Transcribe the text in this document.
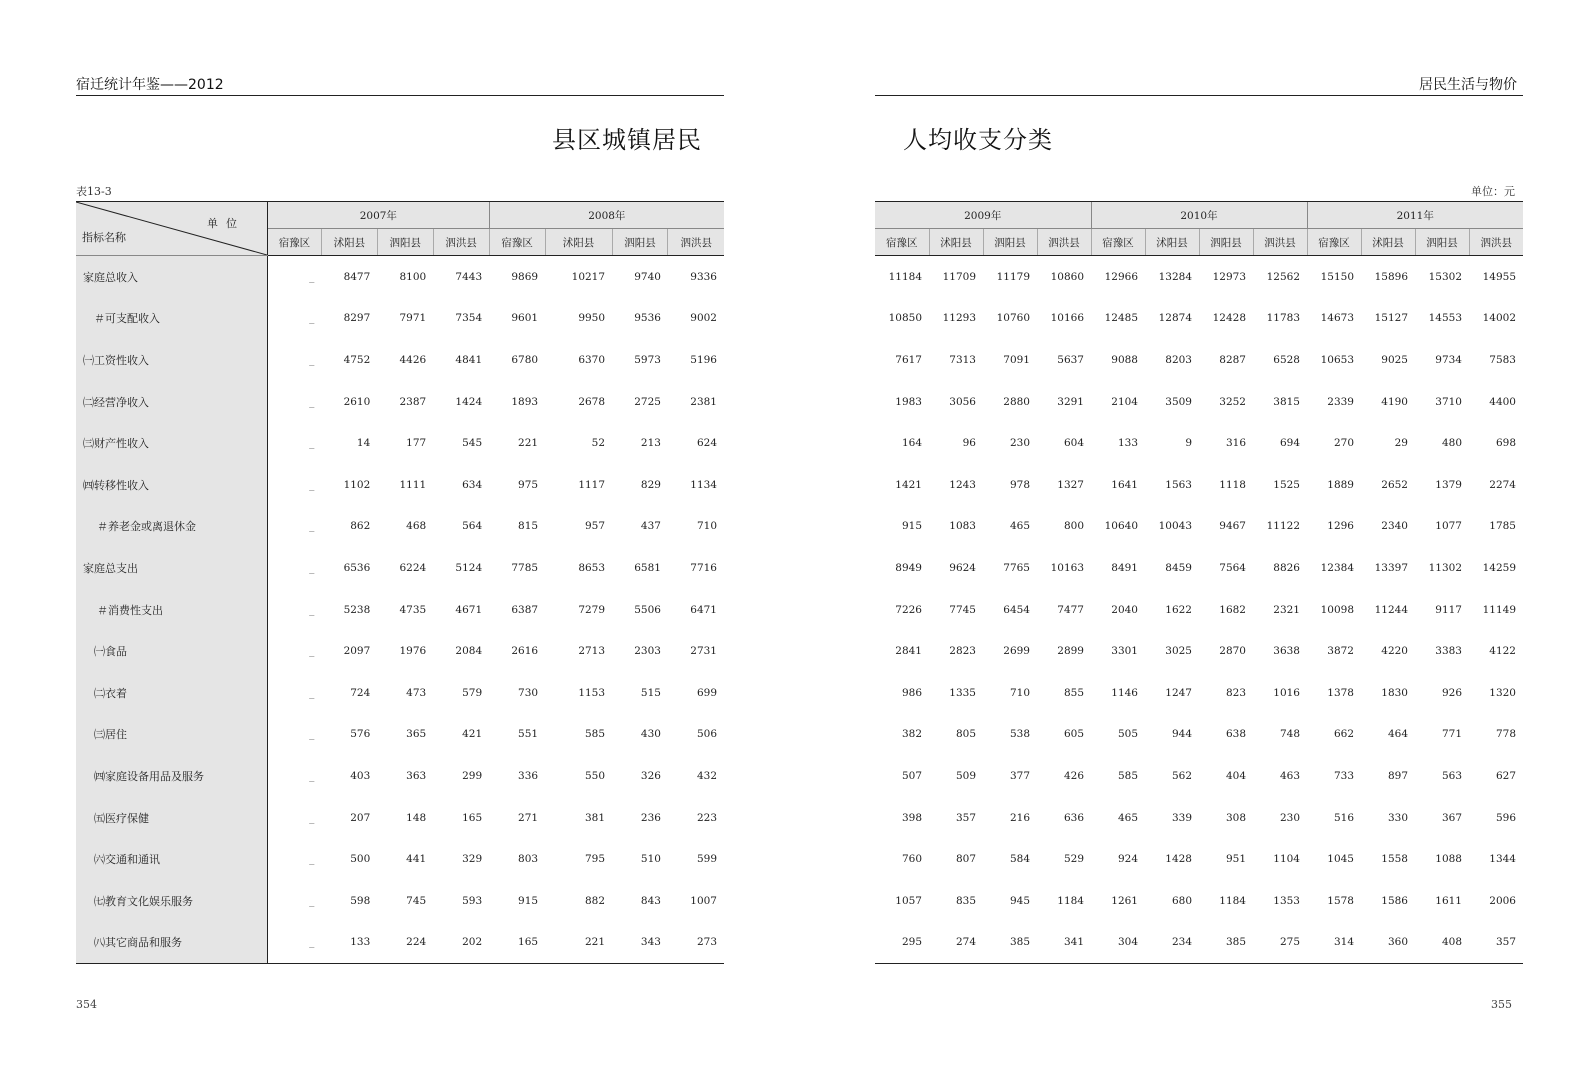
宿迁统计年鉴——2012	居民生活与物价
县区城镇居民	人均收支分类
表13-3	单位：元
单位
指标名称	2007年				2008年			
	宿豫区	沭阳县	泗阳县	泗洪县	宿豫区	沭阳县	泗阳县	泗洪县
家庭总收入	_	8477	8100	7443	9869	10217	9740	9336
＃可支配收入	_	8297	7971	7354	9601	9950	9536	9002
㈠工资性收入	_	4752	4426	4841	6780	6370	5973	5196
㈡经营净收入	_	2610	2387	1424	1893	2678	2725	2381
㈢财产性收入	_	14	177	545	221	52	213	624
㈣转移性收入	_	1102	1111	634	975	1117	829	1134
＃养老金或离退休金	_	862	468	564	815	957	437	710
家庭总支出	_	6536	6224	5124	7785	8653	6581	7716
＃消费性支出	_	5238	4735	4671	6387	7279	5506	6471
㈠食品	_	2097	1976	2084	2616	2713	2303	2731
㈡衣着	_	724	473	579	730	1153	515	699
㈢居住	_	576	365	421	551	585	430	506
㈣家庭设备用品及服务	_	403	363	299	336	550	326	432
㈤医疗保健	_	207	148	165	271	381	236	223
㈥交通和通讯	_	500	441	329	803	795	510	599
㈦教育文化娱乐服务	_	598	745	593	915	882	843	1007
㈧其它商品和服务	_	133	224	202	165	221	343	273
2009年				2010年				2011年			
宿豫区	沭阳县	泗阳县	泗洪县	宿豫区	沭阳县	泗阳县	泗洪县	宿豫区	沭阳县	泗阳县	泗洪县
11184	11709	11179	10860	12966	13284	12973	12562	15150	15896	15302	14955
10850	11293	10760	10166	12485	12874	12428	11783	14673	15127	14553	14002
7617	7313	7091	5637	9088	8203	8287	6528	10653	9025	9734	7583
1983	3056	2880	3291	2104	3509	3252	3815	2339	4190	3710	4400
164	96	230	604	133	9	316	694	270	29	480	698
1421	1243	978	1327	1641	1563	1118	1525	1889	2652	1379	2274
915	1083	465	800	10640	10043	9467	11122	1296	2340	1077	1785
8949	9624	7765	10163	8491	8459	7564	8826	12384	13397	11302	14259
7226	7745	6454	7477	2040	1622	1682	2321	10098	11244	9117	11149
2841	2823	2699	2899	3301	3025	2870	3638	3872	4220	3383	4122
986	1335	710	855	1146	1247	823	1016	1378	1830	926	1320
382	805	538	605	505	944	638	748	662	464	771	778
507	509	377	426	585	562	404	463	733	897	563	627
398	357	216	636	465	339	308	230	516	330	367	596
760	807	584	529	924	1428	951	1104	1045	1558	1088	1344
1057	835	945	1184	1261	680	1184	1353	1578	1586	1611	2006
295	274	385	341	304	234	385	275	314	360	408	357
354	355
